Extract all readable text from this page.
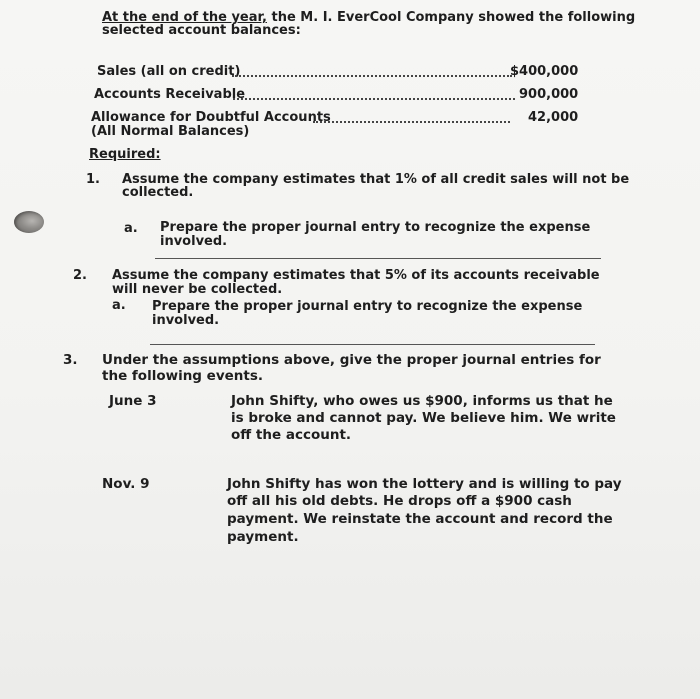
At the end of the year, the M. I. EverCool Company showed the following
selected account balances:
Sales (all on credit)	$400,000
Accounts Receivable	900,000
Allowance for Doubtful Accounts	42,000
(All Normal Balances)
Required:
1. Assume the company estimates that 1% of all credit sales will not be
collected.
a. Prepare the proper journal entry to recognize the expense
involved.
2. Assume the company estimates that 5% of its accounts receivable
will never be collected.
a. Prepare the proper journal entry to recognize the expense
involved.
3. Under the assumptions above, give the proper journal entries for
the following events.
June 3	John Shifty, who owes us $900, informs us that he
is broke and cannot pay. We believe him. We write
off the account.
Nov. 9	John Shifty has won the lottery and is willing to pay
off all his old debts. He drops off a $900 cash
payment. We reinstate the account and record the
payment.
